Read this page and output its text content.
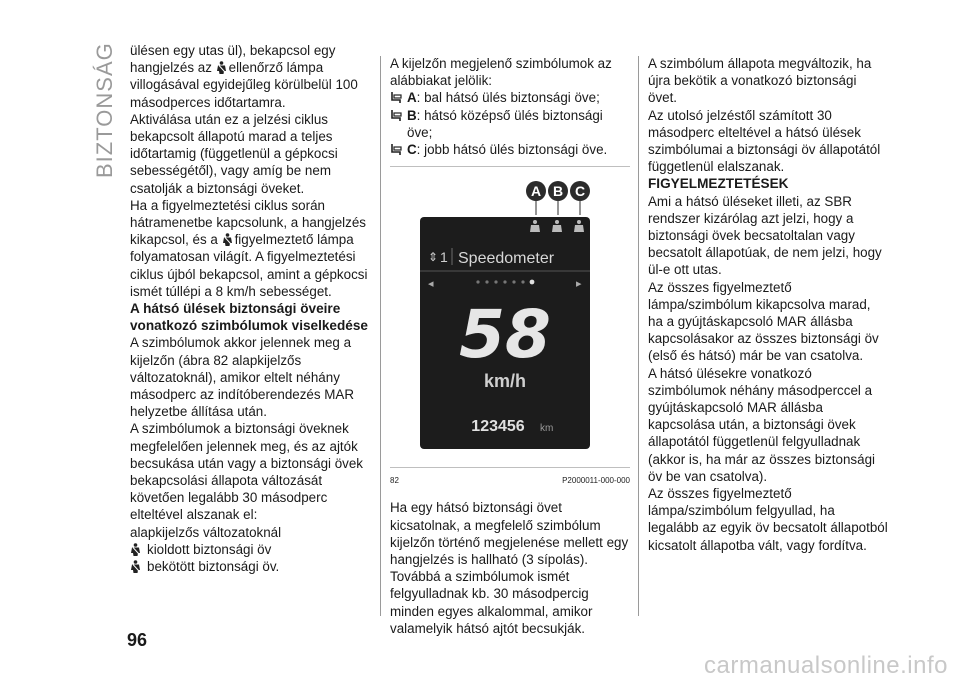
BIZTONSÁG ülésen egy utas ül), bekapcsol egy hangjelzés az ellenőrző lámpa villogásával egyidejűleg körülbelül 100 másodperces időtartamra.

Aktiválása után ez a jelzési ciklus bekapcsolt állapotú marad a teljes időtartamig (függetlenül a gépkocsi sebességétől), vagy amíg be nem csatolják a biztonsági öveket.

Ha a figyelmeztetési ciklus során hátramenetbe kapcsolunk, a hangjelzés kikapcsol, és a figyelmeztető lámpa folyamatosan világít. A figyelmeztetési ciklus újból bekapcsol, amint a gépkocsi ismét túllépi a 8 km/h sebességet.

A hátsó ülések biztonsági öveire vonatkozó szimbólumok viselkedése

A szimbólumok akkor jelennek meg a kijelzőn (ábra 82 alapkijelzős változatoknál), amikor eltelt néhány másodperc az indítóberendezés MAR helyzetbe állítása után.

A szimbólumok a biztonsági öveknek megfelelően jelennek meg, és az ajtók becsukása után vagy a biztonsági övek bekapcsolási állapota változását követően legalább 30 másodperc elteltével alszanak el:

alapkijelzős változatoknál

kioldott biztonsági öv
bekötött biztonsági öv.

A kijelzőn megjelenő szimbólumok az alábbiakat jelölik:

A: bal hátsó ülés biztonsági öve;
B: hátsó középső ülés biztonsági öve;
C: jobb hátsó ülés biztonsági öve.
A B C
⇕ 1 Speedometer
◂	▸
58
km/h
123456 km
82	P2000011-000-000

Ha egy hátsó biztonsági övet kicsatolnak, a megfelelő szimbólum kijelzőn történő megjelenése mellett egy hangjelzés is hallható (3 sípolás).

Továbbá a szimbólumok ismét felgyulladnak kb. 30 másodpercig minden egyes alkalommal, amikor valamelyik hátsó ajtót becsukják.

A szimbólum állapota megváltozik, ha újra bekötik a vonatkozó biztonsági övet.

Az utolsó jelzéstől számított 30 másodperc elteltével a hátsó ülések szimbólumai a biztonsági öv állapotától függetlenül elalszanak.

FIGYELMEZTETÉSEK

Ami a hátsó üléseket illeti, az SBR rendszer kizárólag azt jelzi, hogy a biztonsági övek becsatoltalan vagy becsatolt állapotúak, de nem jelzi, hogy ül-e ott utas.

Az összes figyelmeztető lámpa/szimbólum kikapcsolva marad, ha a gyújtáskapcsoló MAR állásba kapcsolásakor az összes biztonsági öv (első és hátsó) már be van csatolva.

A hátsó ülésekre vonatkozó szimbólumok néhány másodperccel a gyújtáskapcsoló MAR állásba kapcsolása után, a biztonsági övek állapotától függetlenül felgyulladnak (akkor is, ha már az összes biztonsági öv be van csatolva).

Az összes figyelmeztető lámpa/szimbólum felgyullad, ha legalább az egyik öv becsatolt állapotból kicsatolt állapotba vált, vagy fordítva.

96
carmanualsonline.info
